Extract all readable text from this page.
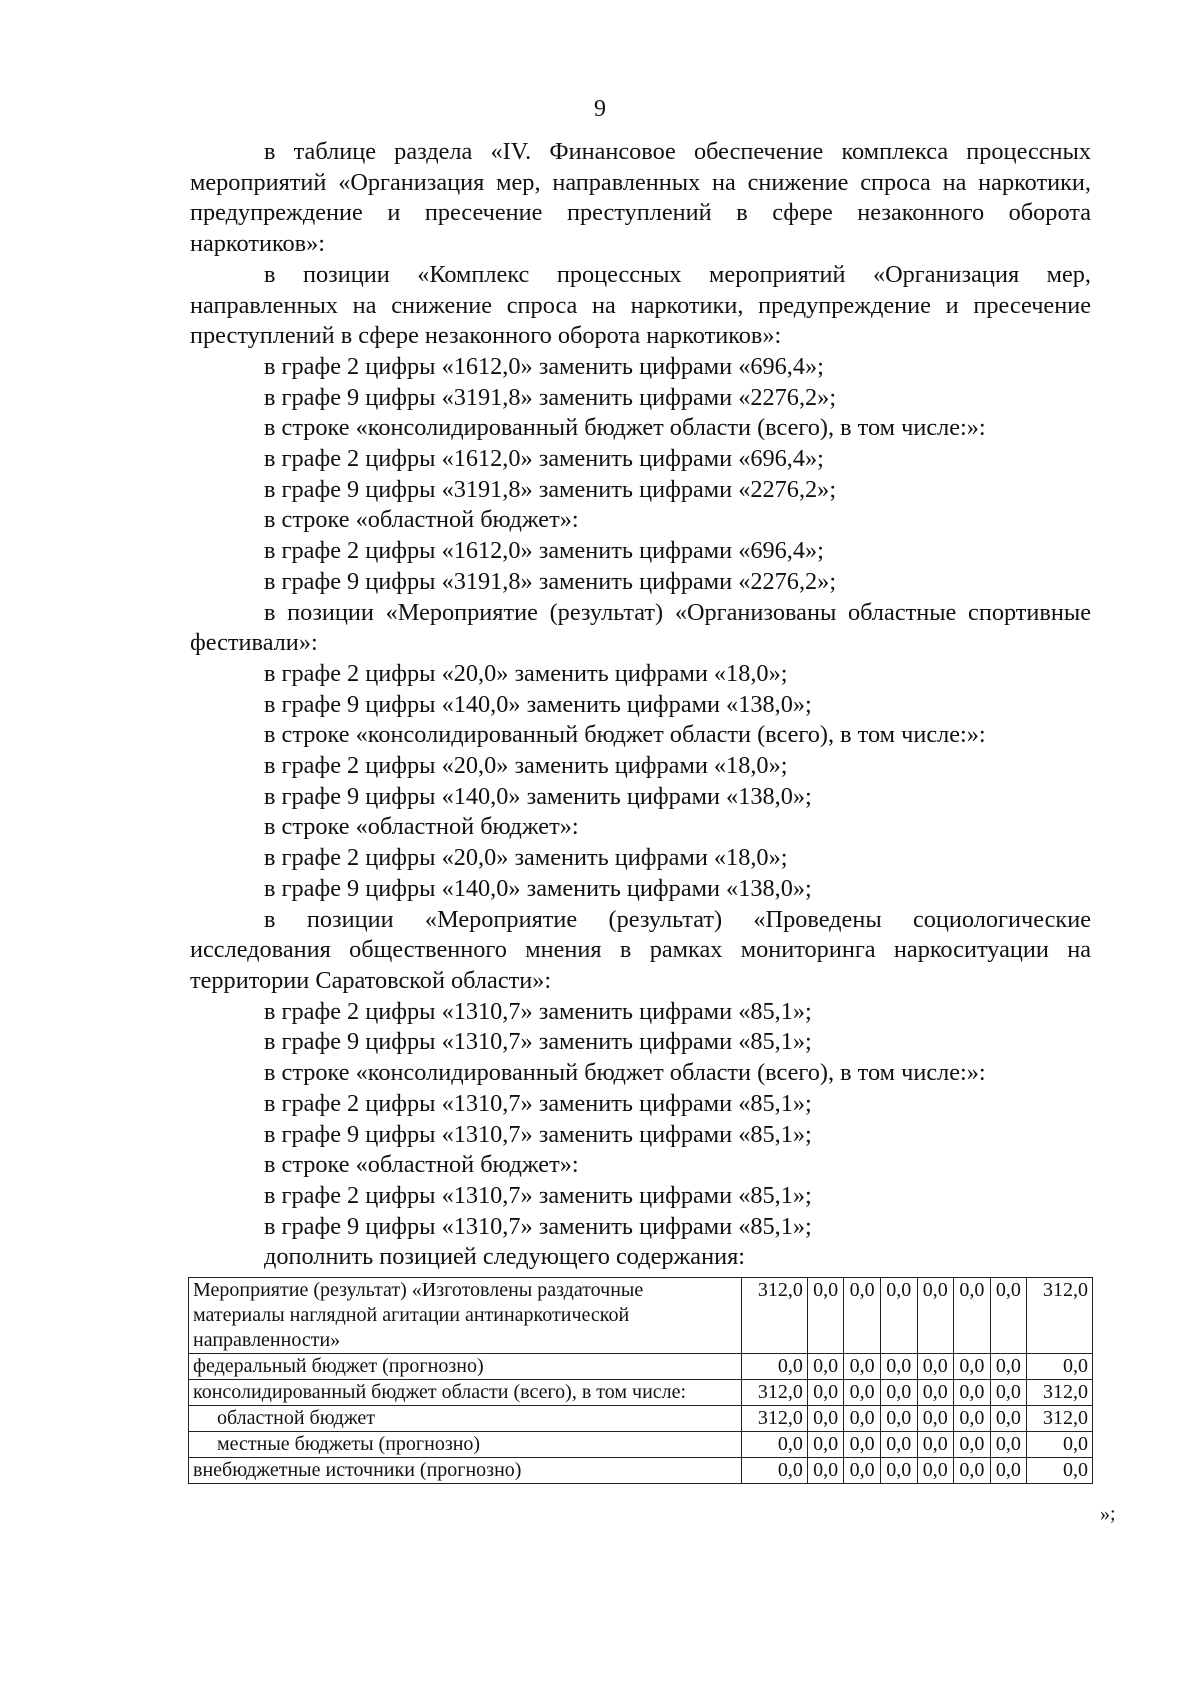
9

в таблице раздела «IV. Финансовое обеспечение комплекса процессных мероприятий «Организация мер, направленных на снижение спроса на наркотики, предупреждение и пресечение преступлений в сфере незаконного оборота наркотиков»:

в позиции «Комплекс процессных мероприятий «Организация мер, направленных на снижение спроса на наркотики, предупреждение и пресечение преступлений в сфере незаконного оборота наркотиков»:

в графе 2 цифры «1612,0» заменить цифрами «696,4»;

в графе 9 цифры «3191,8» заменить цифрами «2276,2»;

в строке «консолидированный бюджет области (всего), в том числе:»:

в графе 2 цифры «1612,0» заменить цифрами «696,4»;

в графе 9 цифры «3191,8» заменить цифрами «2276,2»;

в строке «областной бюджет»:

в графе 2 цифры «1612,0» заменить цифрами «696,4»;

в графе 9 цифры «3191,8» заменить цифрами «2276,2»;

в позиции «Мероприятие (результат) «Организованы областные спортивные фестивали»:

в графе 2 цифры «20,0» заменить цифрами «18,0»;

в графе 9 цифры «140,0» заменить цифрами «138,0»;

в строке «консолидированный бюджет области (всего), в том числе:»:

в графе 2 цифры «20,0» заменить цифрами «18,0»;

в графе 9 цифры «140,0» заменить цифрами «138,0»;

в строке «областной бюджет»:

в графе 2 цифры «20,0» заменить цифрами «18,0»;

в графе 9 цифры «140,0» заменить цифрами «138,0»;

в позиции «Мероприятие (результат) «Проведены социологические исследования общественного мнения в рамках мониторинга наркоситуации на территории Саратовской области»:

в графе 2 цифры «1310,7» заменить цифрами «85,1»;

в графе 9 цифры «1310,7» заменить цифрами «85,1»;

в строке «консолидированный бюджет области (всего), в том числе:»:

в графе 2 цифры «1310,7» заменить цифрами «85,1»;

в графе 9 цифры «1310,7» заменить цифрами «85,1»;

в строке «областной бюджет»:

в графе 2 цифры «1310,7» заменить цифрами «85,1»;

в графе 9 цифры «1310,7» заменить цифрами «85,1»;

дополнить позицией следующего содержания:

Мероприятие (результат) «Изготовлены раздаточные материалы наглядной агитации антинаркотической направленности»	312,0	0,0	0,0	0,0	0,0	0,0	0,0	312,0
федеральный бюджет (прогнозно)	0,0	0,0	0,0	0,0	0,0	0,0	0,0	0,0
консолидированный бюджет области (всего), в том числе:	312,0	0,0	0,0	0,0	0,0	0,0	0,0	312,0
областной бюджет	312,0	0,0	0,0	0,0	0,0	0,0	0,0	312,0
местные бюджеты (прогнозно)	0,0	0,0	0,0	0,0	0,0	0,0	0,0	0,0
внебюджетные источники (прогнозно)	0,0	0,0	0,0	0,0	0,0	0,0	0,0	0,0
»;
